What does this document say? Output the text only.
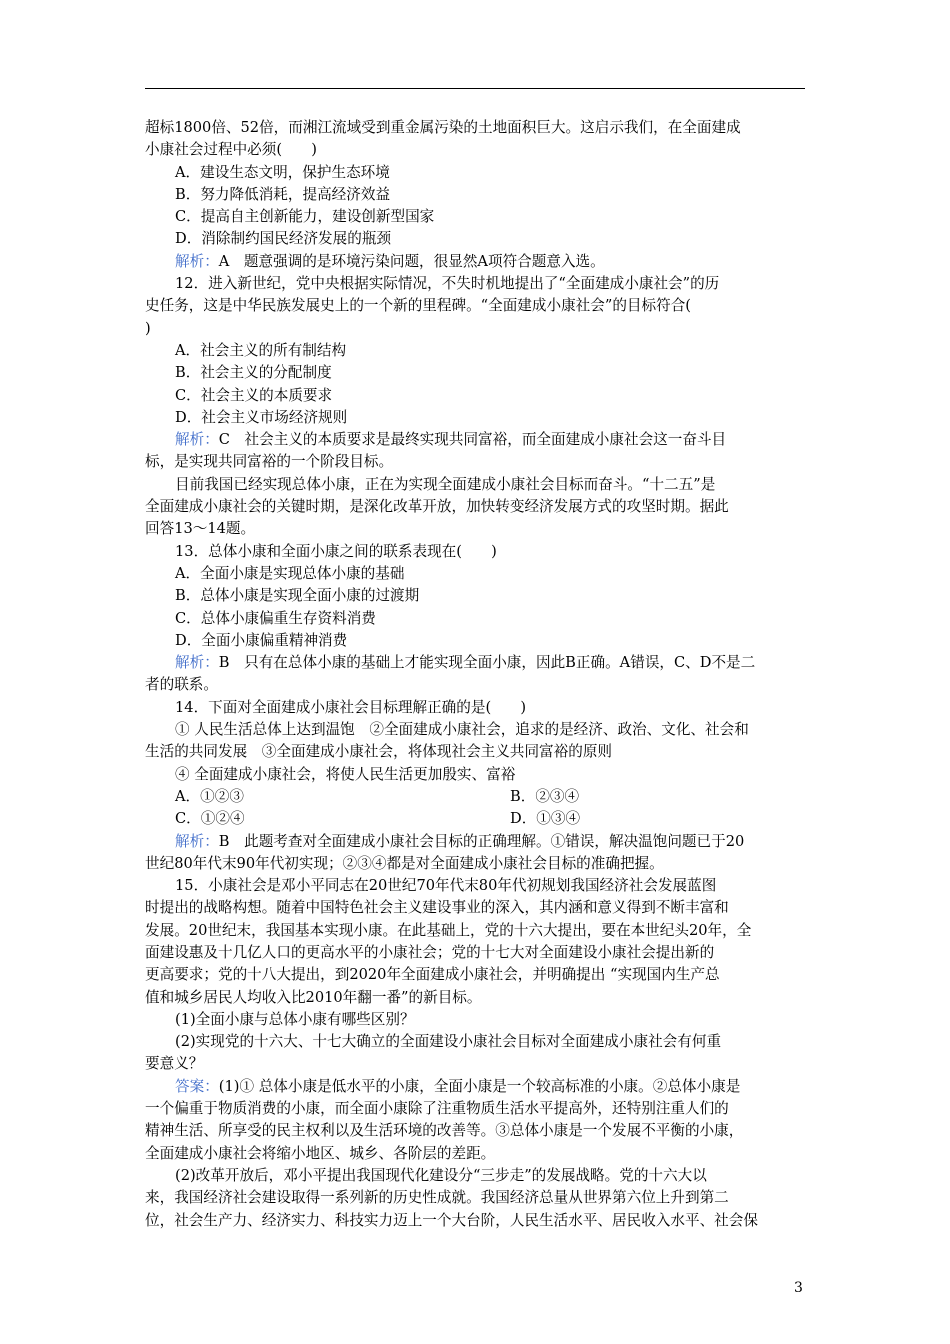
超标1800倍、52倍，而湘江流域受到重金属污染的土地面积巨大。这启示我们，在全面建成

小康社会过程中必须(　　)

A．建设生态文明，保护生态环境

B．努力降低消耗，提高经济效益

C．提高自主创新能力，建设创新型国家

D．消除制约国民经济发展的瓶颈

解析：A　题意强调的是环境污染问题，很显然A项符合题意入选。

12．进入新世纪，党中央根据实际情况，不失时机地提出了“全面建成小康社会”的历

史任务，这是中华民族发展史上的一个新的里程碑。“全面建成小康社会”的目标符合(

)

A．社会主义的所有制结构

B．社会主义的分配制度

C．社会主义的本质要求

D．社会主义市场经济规则

解析：C　社会主义的本质要求是最终实现共同富裕，而全面建成小康社会这一奋斗目

标，是实现共同富裕的一个阶段目标。

目前我国已经实现总体小康，正在为实现全面建成小康社会目标而奋斗。“十二五”是

全面建成小康社会的关键时期，是深化改革开放，加快转变经济发展方式的攻坚时期。据此

回答13～14题。

13．总体小康和全面小康之间的联系表现在(　　)

A．全面小康是实现总体小康的基础

B．总体小康是实现全面小康的过渡期

C．总体小康偏重生存资料消费

D．全面小康偏重精神消费

解析：B　只有在总体小康的基础上才能实现全面小康，因此B正确。A错误，C、D不是二

者的联系。

14．下面对全面建成小康社会目标理解正确的是(　　)

① 人民生活总体上达到温饱　②全面建成小康社会，追求的是经济、政治、文化、社会和

生活的共同发展　③全面建成小康社会，将体现社会主义共同富裕的原则

④ 全面建成小康社会，将使人民生活更加殷实、富裕

A．①②③	B．②③④
C．①②④	D．①③④

解析：B　此题考查对全面建成小康社会目标的正确理解。①错误，解决温饱问题已于20

世纪80年代末90年代初实现；②③④都是对全面建成小康社会目标的准确把握。

15．小康社会是邓小平同志在20世纪70年代末80年代初规划我国经济社会发展蓝图

时提出的战略构想。随着中国特色社会主义建设事业的深入，其内涵和意义得到不断丰富和

发展。20世纪末，我国基本实现小康。在此基础上，党的十六大提出，要在本世纪头20年，全

面建设惠及十几亿人口的更高水平的小康社会；党的十七大对全面建设小康社会提出新的

更高要求；党的十八大提出，到2020年全面建成小康社会，并明确提出 “实现国内生产总

值和城乡居民人均收入比2010年翻一番”的新目标。

(1)全面小康与总体小康有哪些区别？

(2)实现党的十六大、十七大确立的全面建设小康社会目标对全面建成小康社会有何重

要意义？

答案：(1)① 总体小康是低水平的小康，全面小康是一个较高标准的小康。②总体小康是

一个偏重于物质消费的小康，而全面小康除了注重物质生活水平提高外，还特别注重人们的

精神生活、所享受的民主权利以及生活环境的改善等。③总体小康是一个发展不平衡的小康，

全面建成小康社会将缩小地区、城乡、各阶层的差距。

(2)改革开放后，邓小平提出我国现代化建设分“三步走”的发展战略。党的十六大以

来，我国经济社会建设取得一系列新的历史性成就。我国经济总量从世界第六位上升到第二

位，社会生产力、经济实力、科技实力迈上一个大台阶，人民生活水平、居民收入水平、社会保

3
